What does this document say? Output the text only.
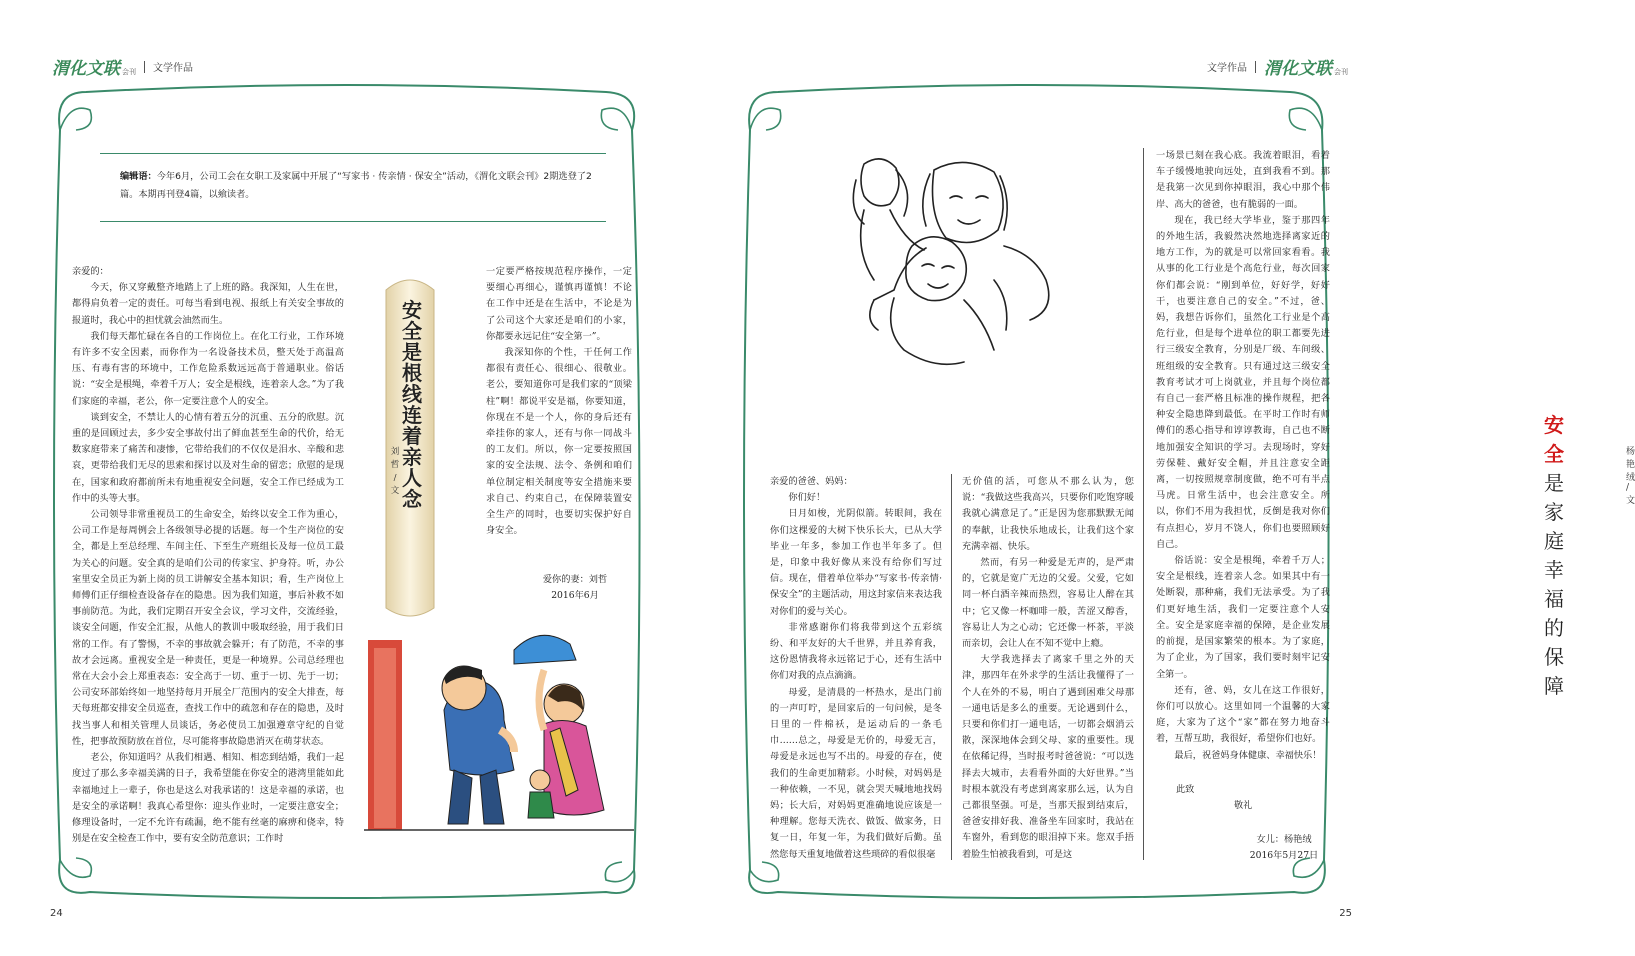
渭化文联 会刊 文学作品
编辑语：今年6月，公司工会在女职工及家属中开展了“写家书 · 传亲情 · 保安全”活动，《渭化文联会刊》2期选登了2篇。本期再刊登4篇，以飨读者。

亲爱的：

今天，你又穿戴整齐地踏上了上班的路。我深知，人生在世，都得肩负着一定的责任。可每当看到电视、报纸上有关安全事故的报道时，我心中的担忧就会油然而生。

我们每天都忙碌在各自的工作岗位上。在化工行业，工作环境有许多不安全因素，而你作为一名设备技术员，整天处于高温高压、有毒有害的环境中，工作危险系数远远高于普通职业。俗话说：“安全是根绳，牵着千万人；安全是根线，连着亲人念。”为了我们家庭的幸福，老公，你一定要注意个人的安全。

谈到安全，不禁让人的心情有着五分的沉重、五分的欣慰。沉重的是回顾过去，多少安全事故付出了鲜血甚至生命的代价，给无数家庭带来了痛苦和凄惨，它带给我们的不仅仅是泪水、辛酸和悲哀，更带给我们无尽的思索和探讨以及对生命的留恋；欣慰的是现在，国家和政府都前所未有地重视安全问题，安全工作已经成为工作中的头等大事。

公司领导非常重视员工的生命安全，始终以安全工作为重心，公司工作是每周例会上各级领导必提的话题。每一个生产岗位的安全，都是上至总经理、车间主任、下至生产班组长及每一位员工最为关心的问题。安全真的是咱们公司的传家宝、护身符。听，办公室里安全员正为新上岗的员工讲解安全基本知识；看，生产岗位上师傅们正仔细检查设备存在的隐患。因为我们知道，事后补救不如事前防范。为此，我们定期召开安全会议，学习文件，交流经验，谈安全问题，作安全汇报，从他人的教训中吸取经验，用于我们日常的工作。有了警惕，不幸的事故就会躲开；有了防范，不幸的事故才会远离。重视安全是一种责任，更是一种境界。公司总经理也常在大会小会上郑重表态：安全高于一切、重于一切、先于一切；公司安环部始终如一地坚持每月开展全厂范围内的安全大排查，每天每班都安排安全员巡查，查找工作中的疏忽和存在的隐患，及时找当事人和相关管理人员谈话，务必使员工加强遵章守纪的自觉性，把事故预防放在首位，尽可能将事故隐患消灭在萌芽状态。

老公，你知道吗？从我们相遇、相知、相恋到结婚，我们一起度过了那么多幸福美满的日子，我希望能在你安全的港湾里能如此幸福地过上一辈子，你也是这么对我承诺的！这是幸福的承诺，也是安全的承诺啊！我真心希望你：迎头作业时，一定要注意安全；修理设备时，一定不允许有疏漏，绝不能有丝毫的麻痹和侥幸，特别是在安全检查工作中，要有安全防范意识；工作时

安全是根线 连着亲人念
刘 哲 / 文

一定要严格按规范程序操作，一定要细心再细心，谨慎再谨慎！不论在工作中还是在生活中，不论是为了公司这个大家还是咱们的小家，你都要永远记住“安全第一”。

我深知你的个性，干任何工作都很有责任心、很细心、很敬业。老公，要知道你可是我们家的“顶梁柱”啊！都说平安是福，你要知道，你现在不是一个人，你的身后还有牵挂你的家人，还有与你一同战斗的工友们。所以，你一定要按照国家的安全法规、法令、条例和咱们单位制定相关制度等安全措施来要求自己、约束自己，在保障装置安全生产的同时，也要切实保护好自身安全。

爱你的妻：刘哲
2016年6月
24
文学作品 渭化文联 会刊
安全是家庭幸福的保障
杨艳绒 / 文

亲爱的爸爸、妈妈：

你们好！

日月如梭，光阴似箭。转眼间，我在你们这棵爱的大树下快乐长大，已从大学毕业一年多，参加工作也半年多了。但是，印象中我好像从来没有给你们写过信。现在，借着单位举办“写家书·传亲情·保安全”的主题活动，用这封家信来表达我对你们的爱与关心。

非常感谢你们将我带到这个五彩缤纷、和平友好的大千世界，并且养育我，这份恩情我将永远铭记于心，还有生活中你们对我的点点滴滴。

母爱，是清晨的一杯热水，是出门前的一声叮咛，是回家后的一句问候，是冬日里的一件棉袄，是运动后的一条毛巾……总之，母爱是无价的，母爱无言，母爱是永远也写不出的。母爱的存在，使我们的生命更加精彩。小时候，对妈妈是一种依赖，一不见，就会哭天喊地地找妈妈；长大后，对妈妈更准确地说应该是一种理解。您每天洗衣、做饭、做家务，日复一日，年复一年，为我们做好后勤。虽然您每天重复地做着这些琐碎的看似很毫

无价值的活，可您从不那么认为，您说：“我做这些我高兴，只要你们吃饱穿暖我就心满意足了。”正是因为您那默默无闻的奉献，让我快乐地成长，让我们这个家充满幸福、快乐。

然而，有另一种爱是无声的，是严肃的，它就是宽广无边的父爱。父爱，它如同一杯白酒辛辣而热烈，容易让人醉在其中；它又像一杯咖啡一般，苦涩又醇香，容易让人为之心动；它还像一杯茶，平淡而亲切，会让人在不知不觉中上瘾。

大学我选择去了离家千里之外的天津，那四年在外求学的生活让我懂得了一个人在外的不易，明白了遇到困难父母那一通电话是多么的重要。无论遇到什么，只要和你们打一通电话，一切都会烟消云散，深深地体会到父母、家的重要性。现在依稀记得，当时报考时爸爸说：“可以选择去大城市，去看看外面的大好世界。”当时根本就没有考虑到离家那么远，认为自己都很坚强。可是，当那天报到结束后，爸爸安排好我、准备坐车回家时，我站在车窗外，看到您的眼泪掉下来。您双手捂着脸生怕被我看到，可是这

一场景已刻在我心底。我流着眼泪，看着车子缓慢地驶向远处，直到我看不到。那是我第一次见到你掉眼泪，我心中那个伟岸、高大的爸爸，也有脆弱的一面。

现在，我已经大学毕业，鉴于那四年的外地生活，我毅然决然地选择离家近的地方工作，为的就是可以常回家看看。我从事的化工行业是个高危行业，每次回家你们都会说：“刚到单位，好好学，好好干，也要注意自己的安全。”不过，爸、妈，我想告诉你们，虽然化工行业是个高危行业，但是每个进单位的职工都要先进行三级安全教育，分别是厂级、车间级、班组级的安全教育。只有通过这三级安全教育考试才可上岗就业，并且每个岗位都有自己一套严格且标准的操作规程，把各种安全隐患降到最低。在平时工作时有师傅们的悉心指导和谆谆教诲，自己也不断地加强安全知识的学习。去现场时，穿好劳保鞋、戴好安全帽，并且注意安全距离，一切按照规章制度做，绝不可有半点马虎。日常生活中，也会注意安全。所以，你们不用为我担忧，反倒是我对你们有点担心，岁月不饶人，你们也要照顾好自己。

俗话说：安全是根绳，牵着千万人；安全是根线，连着亲人念。如果其中有一处断裂，那种痛，我们无法承受。为了我们更好地生活，我们一定要注意个人安全。安全是家庭幸福的保障，是企业发展的前提，是国家繁荣的根本。为了家庭，为了企业，为了国家，我们要时刻牢记安全第一。

还有，爸、妈，女儿在这工作很好，你们可以放心。这里如同一个温馨的大家庭，大家为了这个“家”都在努力地奋斗着，互帮互助，我很好，希望你们也好。

最后，祝爸妈身体健康、幸福快乐！

此致

敬礼

女儿：杨艳绒
2016年5月27日
25
